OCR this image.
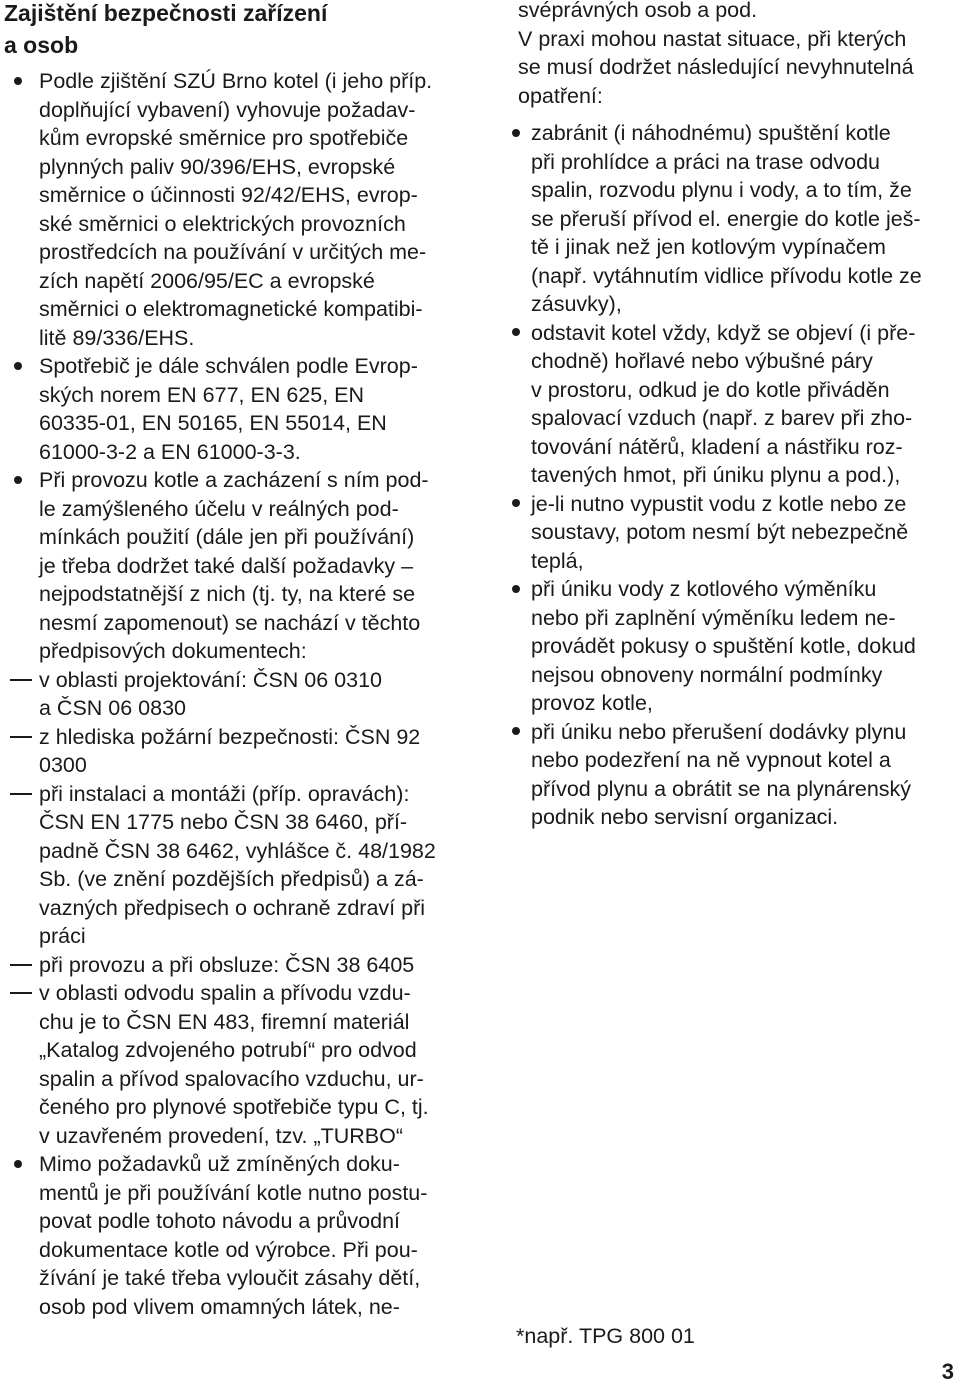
Zajištění bezpečnosti zařízení
a osob
Podle zjištění SZÚ Brno kotel (i jeho příp.
doplňující vybavení) vyhovuje požadav-
kům evropské směrnice pro spotřebiče
plynných paliv 90/396/EHS, evropské
směrnice o účinnosti 92/42/EHS, evrop-
ské směrnici o elektrických provozních
prostředcích na používání v určitých me-
zích napětí 2006/95/EC a evropské
směrnici o elektromagnetické kompatibi-
litě 89/336/EHS.
Spotřebič je dále schválen podle Evrop-
ských norem EN 677, EN 625, EN
60335-01, EN 50165, EN 55014, EN
61000-3-2 a EN 61000-3-3.
Při provozu kotle a zacházení s ním pod-
le zamýšleného účelu v reálných pod-
mínkách použití (dále jen při používání)
je třeba dodržet také další požadavky –
nejpodstatnější z nich (tj. ty, na které se
nesmí zapomenout) se nachází v těchto
předpisových dokumentech:
v oblasti projektování: ČSN 06 0310
a ČSN 06 0830
z hlediska požární bezpečnosti: ČSN 92
0300
při instalaci a montáži (příp. opravách):
ČSN EN 1775 nebo ČSN 38 6460, pří-
padně ČSN 38 6462, vyhlášce č. 48/1982
Sb. (ve znění pozdějších předpisů) a zá-
vazných předpisech o ochraně zdraví při
práci
při provozu a při obsluze: ČSN 38 6405
v oblasti odvodu spalin a přívodu vzdu-
chu je to ČSN EN 483, firemní materiál
„Katalog zdvojeného potrubí“ pro odvod
spalin a přívod spalovacího vzduchu, ur-
čeného pro plynové spotřebiče typu C, tj.
v uzavřeném provedení, tzv. „TURBO“
Mimo požadavků už zmíněných doku-
mentů je při používání kotle nutno postu-
povat podle tohoto návodu a průvodní
dokumentace kotle od výrobce. Při pou-
žívání je také třeba vyloučit zásahy dětí,
osob pod vlivem omamných látek, ne-
svéprávných osob a pod.
V praxi mohou nastat situace, při kterých
se musí dodržet následující nevyhnutelná
opatření:
zabránit (i náhodnému) spuštění kotle
při prohlídce a práci na trase odvodu
spalin, rozvodu plynu i vody, a to tím, že
se přeruší přívod el. energie do kotle ješ-
tě i jinak než jen kotlovým vypínačem
(např. vytáhnutím vidlice přívodu kotle ze
zásuvky),
odstavit kotel vždy, když se objeví (i pře-
chodně) hořlavé nebo výbušné páry
v prostoru, odkud je do kotle přiváděn
spalovací vzduch (např. z barev při zho-
tovování nátěrů, kladení a nástřiku roz-
tavených hmot, při úniku plynu a pod.),
je-li nutno vypustit vodu z kotle nebo ze
soustavy, potom nesmí být nebezpečně
teplá,
při úniku vody z kotlového výměníku
nebo při zaplnění výměníku ledem ne-
provádět pokusy o spuštění kotle, dokud
nejsou obnoveny normální podmínky
provoz kotle,
při úniku nebo přerušení dodávky plynu
nebo podezření na ně vypnout kotel a
přívod plynu a obrátit se na plynárenský
podnik nebo servisní organizaci.
*např. TPG 800 01
3
